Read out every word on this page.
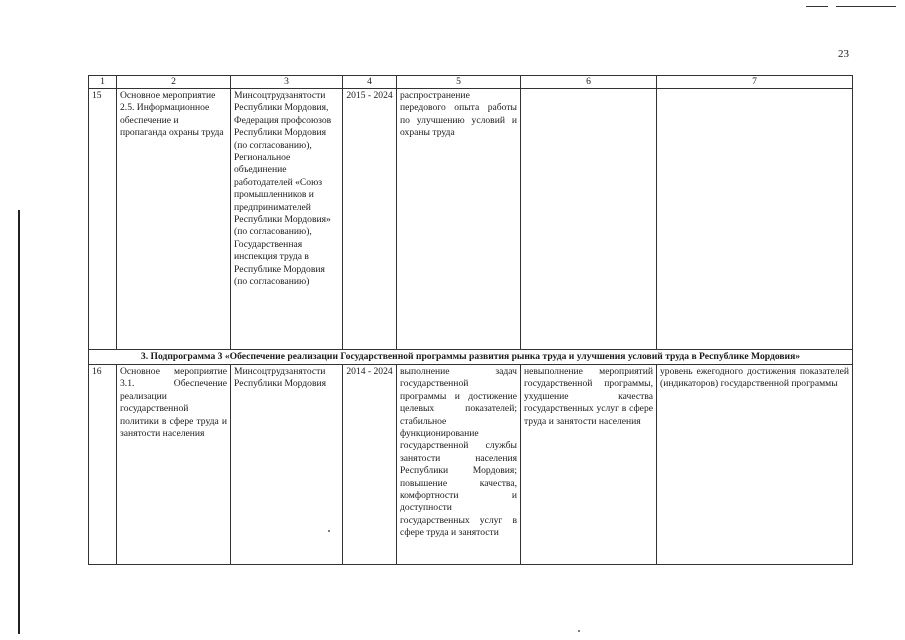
23
1	2	3	4	5	6	7
15	Основное мероприятие 2.5. Информационное обеспечение и пропаганда охраны труда	Минсоцтрудзанятости Республики Мордовия, Федерация профсоюзов Республики Мордовия (по согласованию), Региональное объединение работодателей «Союз промышленников и предпринимателей Республики Мордовия» (по согласованию), Государственная инспекция труда в Республике Мордовия (по согласованию)	2015 - 2024	распространение передового опыта работы по улучшению условий и охраны труда		
3. Подпрограмма 3 «Обеспечение реализации Государственной программы развития рынка труда и улучшения условий труда в Республике Мордовия»						
16	Основное мероприятие 3.1. Обеспечение реализации государственной политики в сфере труда и занятости населения	Минсоцтрудзанятости Республики Мордовия	2014 - 2024	выполнение задач государственной программы и достижение целевых показателей; стабильное функционирование государственной службы занятости населения Республики Мордовия; повышение качества, комфортности и доступности государственных услуг в сфере труда и занятости	невыполнение мероприятий государственной программы, ухудшение качества государственных услуг в сфере труда и занятости населения	уровень ежегодного достижения показателей (индикаторов) государственной программы
